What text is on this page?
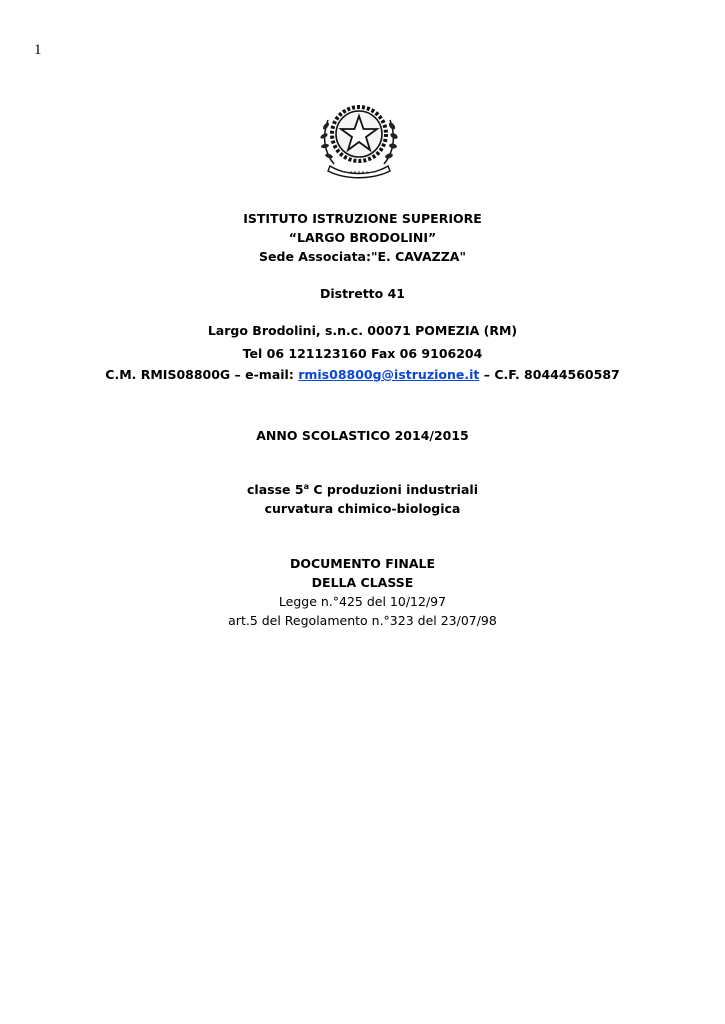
1
ISTITUTO ISTRUZIONE SUPERIORE
“LARGO BRODOLINI”
Sede Associata:"E. CAVAZZA"
Distretto 41
Largo Brodolini, s.n.c. 00071 POMEZIA (RM)
Tel 06 121123160 Fax 06 9106204
C.M. RMIS08800G – e-mail: rmis08800g@istruzione.it – C.F. 80444560587
ANNO SCOLASTICO 2014/2015
classe 5$^a$ C produzioni industriali
curvatura chimico-biologica
DOCUMENTO FINALE
DELLA CLASSE
Legge n.°425 del 10/12/97
art.5 del Regolamento n.°323 del 23/07/98
